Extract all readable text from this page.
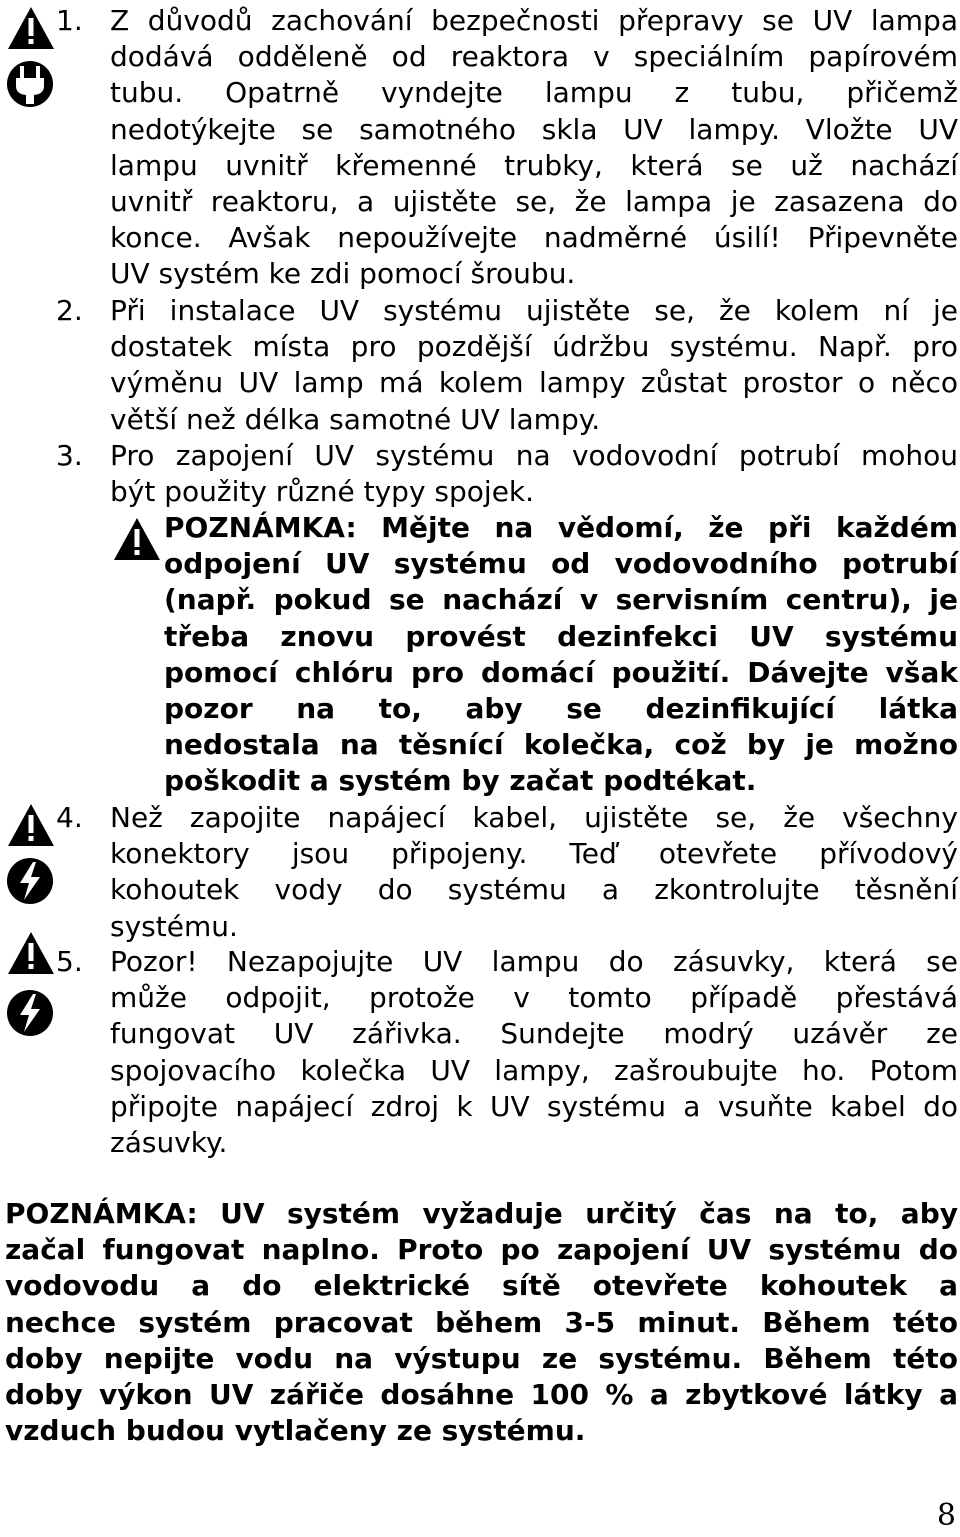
1. Z důvodů zachování bezpečnosti přepravy se UV lampa
dodává odděleně od reaktora v speciálním papírovém
tubu. Opatrně vyndejte lampu z tubu, přičemž
nedotýkejte se samotného skla UV lampy. Vložte UV
lampu uvnitř křemenné trubky, která se už nachází
uvnitř reaktoru, a ujistěte se, že lampa je zasazena do
konce. Avšak nepoužívejte nadměrné úsilí! Připevněte
UV systém ke zdi pomocí šroubu.
2. Při instalace UV systému ujistěte se, že kolem ní je
dostatek místa pro pozdější údržbu systému. Např. pro
výměnu UV lamp má kolem lampy zůstat prostor o něco
větší než délka samotné UV lampy.
3. Pro zapojení UV systému na vodovodní potrubí mohou
být použity různé typy spojek.
POZNÁMKA: Mějte na vědomí, že při každém
odpojení UV systému od vodovodního potrubí
(např. pokud se nachází v servisním centru), je
třeba znovu provést dezinfekci UV systému
pomocí chlóru pro domácí použití. Dávejte však
pozor na to, aby se dezinfikující látka
nedostala na těsnící kolečka, což by je možno
poškodit a systém by začat podtékat.
4. Než zapojite napájecí kabel, ujistěte se, že všechny
konektory jsou připojeny. Teď otevřete přívodový
kohoutek vody do systému a zkontrolujte těsnění
systému.
5. Pozor! Nezapojujte UV lampu do zásuvky, která se
může odpojit, protože v tomto případě přestává
fungovat UV zářivka. Sundejte modrý uzávěr ze
spojovacího kolečka UV lampy, zašroubujte ho. Potom
připojte napájecí zdroj k UV systému a vsuňte kabel do
zásuvky.
POZNÁMKA: UV systém vyžaduje určitý čas na to, aby
začal fungovat naplno. Proto po zapojení UV systému do
vodovodu a do elektrické sítě otevřete kohoutek a
nechce systém pracovat během 3-5 minut. Během této
doby nepijte vodu na výstupu ze systému. Během této
doby výkon UV zářiče dosáhne 100 % a zbytkové látky a
vzduch budou vytlačeny ze systému.
8
